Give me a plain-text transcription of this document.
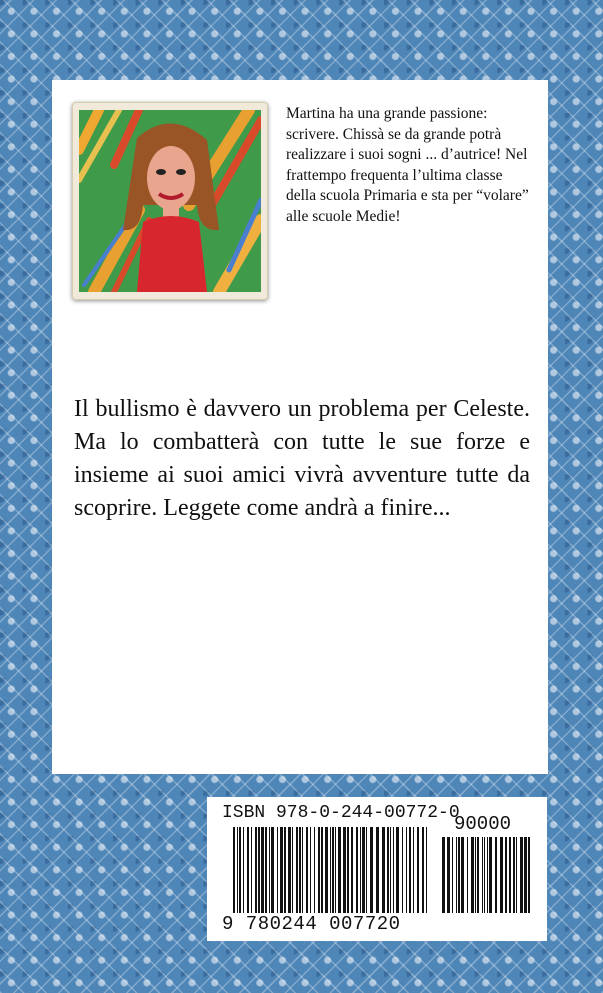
Martina ha una grande passione: scrivere. Chissà se da grande potrà realizzare i suoi sogni ... d’autrice! Nel frattempo frequenta l’ultima classe della scuola Primaria e sta per “volare” alle scuole Medie!
Il bullismo è davvero un problema per Celeste. Ma lo combatterà con tutte le sue forze e insieme ai suoi amici vivrà avventure tutte da scoprire. Leggete come andrà a finire...
ISBN 978-0-244-00772-0
90000
9 780244 007720
